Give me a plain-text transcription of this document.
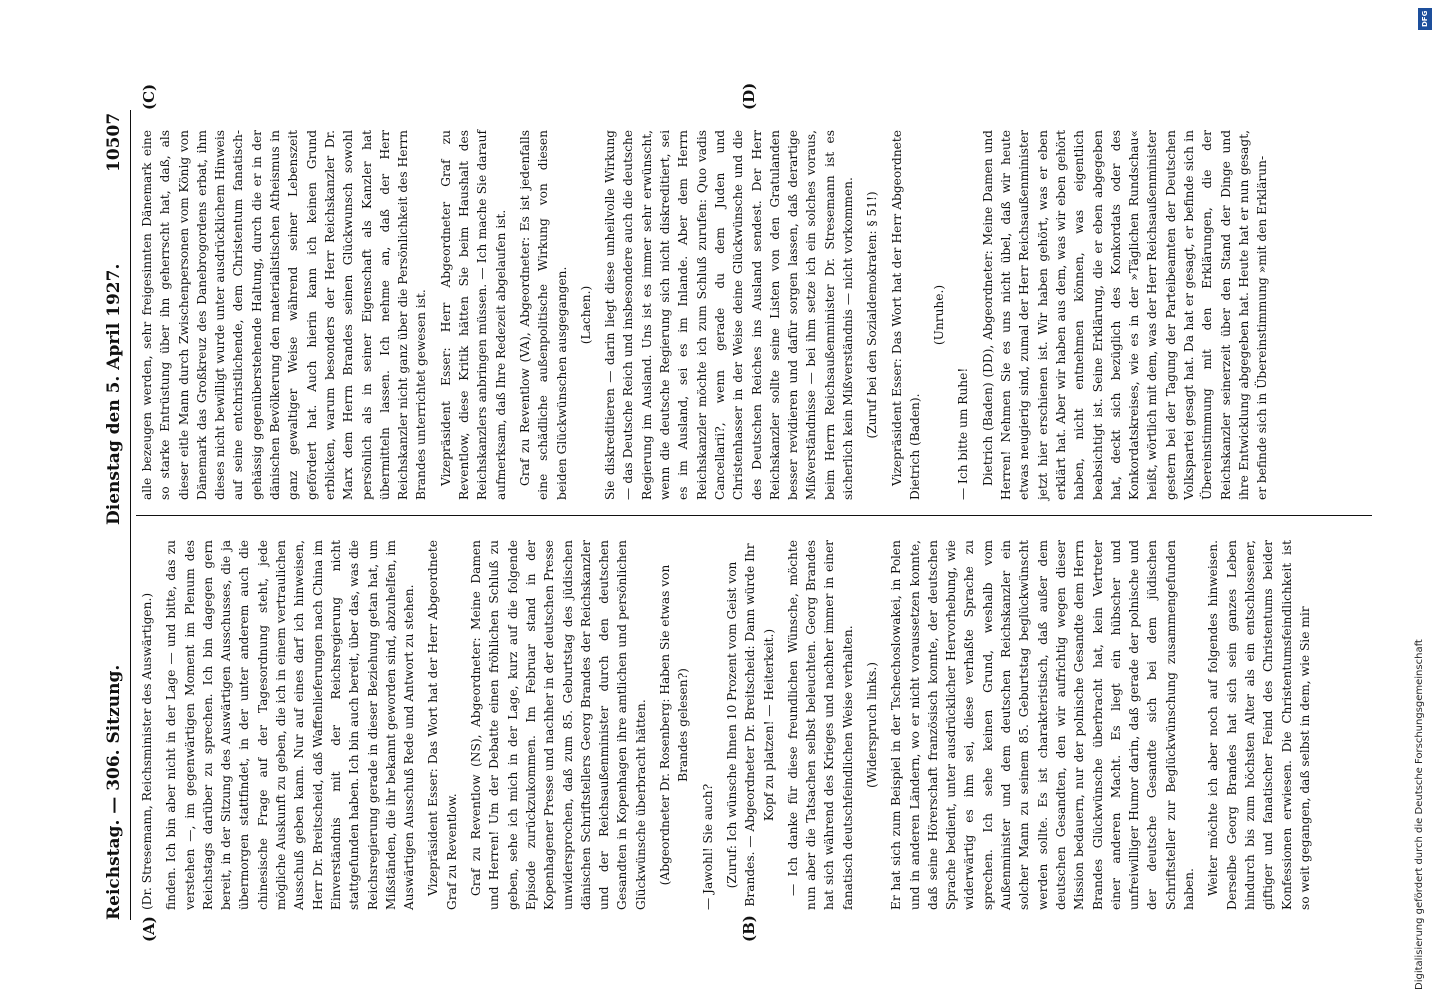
Reichstag. — 306. Sitzung.
Dienstag den 5. April 1927.
10507
(A)	(B)
(C)	(D)

(Dr. Stresemann, Reichsminister des Auswärtigen.) finden. Ich bin aber nicht in der Lage — und bitte, das zu verstehen —, im gegenwärtigen Moment im Plenum des Reichstags darüber zu sprechen. Ich bin dagegen gern bereit, in der Sitzung des Auswärtigen Ausschusses, die ja übermorgen stattfindet, in der unter anderem auch die chinesische Frage auf der Tagesordnung steht, jede mögliche Auskunft zu geben, die ich in einem vertraulichen Ausschuß geben kann. Nur auf eines darf ich hinweisen, Herr Dr. Breitscheid, daß Waffenlieferungen nach China im Einverständnis mit der Reichsregierung nicht stattgefunden haben. Ich bin auch bereit, über das, was die Reichsregierung gerade in dieser Beziehung getan hat, um Mißständen, die ihr bekannt geworden sind, abzuhelfen, im Auswärtigen Ausschuß Rede und Antwort zu stehen. Vizepräsident Esser: Das Wort hat der Herr Abgeordnete Graf zu Reventlow. Graf zu Reventlow (NS), Abgeordneter: Meine Damen und Herren! Um der Debatte einen fröhlichen Schluß zu geben, sehe ich mich in der Lage, kurz auf die folgende Episode zurückzukommen. Im Februar stand in der Kopenhagener Presse und nachher in der deutschen Presse unwidersprochen, daß zum 85. Geburtstag des jüdischen dänischen Schriftstellers Georg Brandes der Reichskanzler und der Reichsaußenminister durch den deutschen Gesandten in Kopenhagen ihre amtlichen und persönlichen Glückwünsche überbracht hätten. (Abgeordneter Dr. Rosenberg: Haben Sie etwas von Brandes gelesen?)

— Jawohl! Sie auch? (Zuruf: Ich wünsche Ihnen 10 Prozent vom Geist von Brandes. — Abgeordneter Dr. Breitscheid: Dann würde Ihr Kopf zu platzen! — Heiterkeit.) — Ich danke für diese freundlichen Wünsche, möchte nun aber die Tatsachen selbst beleuchten. Georg Brandes hat sich während des Krieges und nachher immer in einer fanatisch deutschfeindlichen Weise verhalten. (Widerspruch links.) Er hat sich zum Beispiel in der Tschechoslowakei, in Polen und in anderen Ländern, wo er nicht voraussetzen konnte, daß seine Hörerschaft französisch konnte, der deutschen Sprache bedient, unter ausdrücklicher Hervorhebung, wie widerwärtig es ihm sei, diese verhaßte Sprache zu sprechen. Ich sehe keinen Grund, weshalb vom Außenminister und dem deutschen Reichskanzler ein solcher Mann zu seinem 85. Geburtstag beglückwünscht werden sollte. Es ist charakteristisch, daß außer dem deutschen Gesandten, den wir aufrichtig wegen dieser Mission bedauern, nur der polnische Gesandte dem Herrn Brandes Glückwünsche überbracht hat, kein Vertreter einer anderen Macht. Es liegt ein hübscher und unfreiwilliger Humor darin, daß gerade der polnische und der deutsche Gesandte sich bei dem jüdischen Schriftsteller zur Beglückwünschung zusammengefunden haben. Weiter möchte ich aber noch auf folgendes hinweisen. Derselbe Georg Brandes hat sich sein ganzes Leben hindurch bis zum höchsten Alter als ein entschlossener, giftiger und fanatischer Feind des Christentums beider Konfessionen erwiesen. Die Christentumsfeindlichkeit ist so weit gegangen, daß selbst in dem, wie Sie mir

alle bezeugen werden, sehr freigesinnten Dänemark eine so starke Entrüstung über ihn geherrscht hat, daß, als dieser eitle Mann durch Zwischenpersonen vom König von Dänemark das Großkreuz des Danebrogordens erbat, ihm dieses nicht bewilligt wurde unter ausdrücklichem Hinweis auf seine entchristlichende, dem Christentum fanatisch-gehässig gegenüberstehende Haltung, durch die er in der dänischen Bevölkerung den materialistischen Atheismus in ganz gewaltiger Weise während seiner Lebenszeit gefördert hat. Auch hierin kann ich keinen Grund erblicken, warum besonders der Herr Reichskanzler Dr. Marx dem Herrn Brandes seinen Glückwunsch sowohl persönlich als in seiner Eigenschaft als Kanzler hat übermitteln lassen. Ich nehme an, daß der Herr Reichskanzler nicht ganz über die Persönlichkeit des Herrn Brandes unterrichtet gewesen ist. Vizepräsident Esser: Herr Abgeordneter Graf zu Reventlow, diese Kritik hätten Sie beim Haushalt des Reichskanzlers anbringen müssen. — Ich mache Sie darauf aufmerksam, daß Ihre Redezeit abgelaufen ist. Graf zu Reventlow (VA), Abgeordneter: Es ist jedenfalls eine schädliche außenpolitische Wirkung von diesen beiden Glückwünschen ausgegangen. (Lachen.) Sie diskreditieren — darin liegt diese unheilvolle Wirkung — das Deutsche Reich und insbesondere auch die deutsche Regierung im Ausland. Uns ist es immer sehr erwünscht, wenn die deutsche Regierung sich nicht diskreditiert, sei es im Ausland, sei es im Inlande. Aber dem Herrn Reichskanzler möchte ich zum Schluß zurufen: Quo vadis Cancellarii?, wenn gerade du dem Juden und Christenhasser in der Weise deine Glückwünsche und die des Deutschen Reiches ins Ausland sendest. Der Herr Reichskanzler sollte seine Listen von den Gratulanden besser revidieren und dafür sorgen lassen, daß derartige Mißverständnisse — bei ihm setze ich ein solches voraus, beim Herrn Reichsaußenminister Dr. Stresemann ist es sicherlich kein Mißverständnis — nicht vorkommen. (Zuruf bei den Sozialdemokraten: § 51!) Vizepräsident Esser: Das Wort hat der Herr Abgeordnete Dietrich (Baden).

(Unruhe.)

— Ich bitte um Ruhe! Dietrich (Baden) (DD), Abgeordneter: Meine Damen und Herren! Nehmen Sie es uns nicht übel, daß wir heute etwas neugierig sind, zumal der Herr Reichsaußenminister jetzt hier erschienen ist. Wir haben gehört, was er eben erklärt hat. Aber wir haben aus dem, was wir eben gehört haben, nicht entnehmen können, was eigentlich beabsichtigt ist. Seine Erklärung, die er eben abgegeben hat, deckt sich bezüglich des Konkordats oder des Konkordatskreises, wie es in der »Täglichen Rundschau« heißt, wörtlich mit dem, was der Herr Reichsaußenminister gestern bei der Tagung der Parteibeamten der Deutschen Volkspartei gesagt hat. Da hat er gesagt, er befinde sich in Übereinstimmung mit den Erklärungen, die der Reichskanzler seinerzeit über den Stand der Dinge und ihre Entwicklung abgegeben hat. Heute hat er nun gesagt, er befinde sich in Übereinstimmung »mit den Erklärun-

Digitalisierung gefördert durch die Deutsche Forschungsgemeinschaft
DFG
